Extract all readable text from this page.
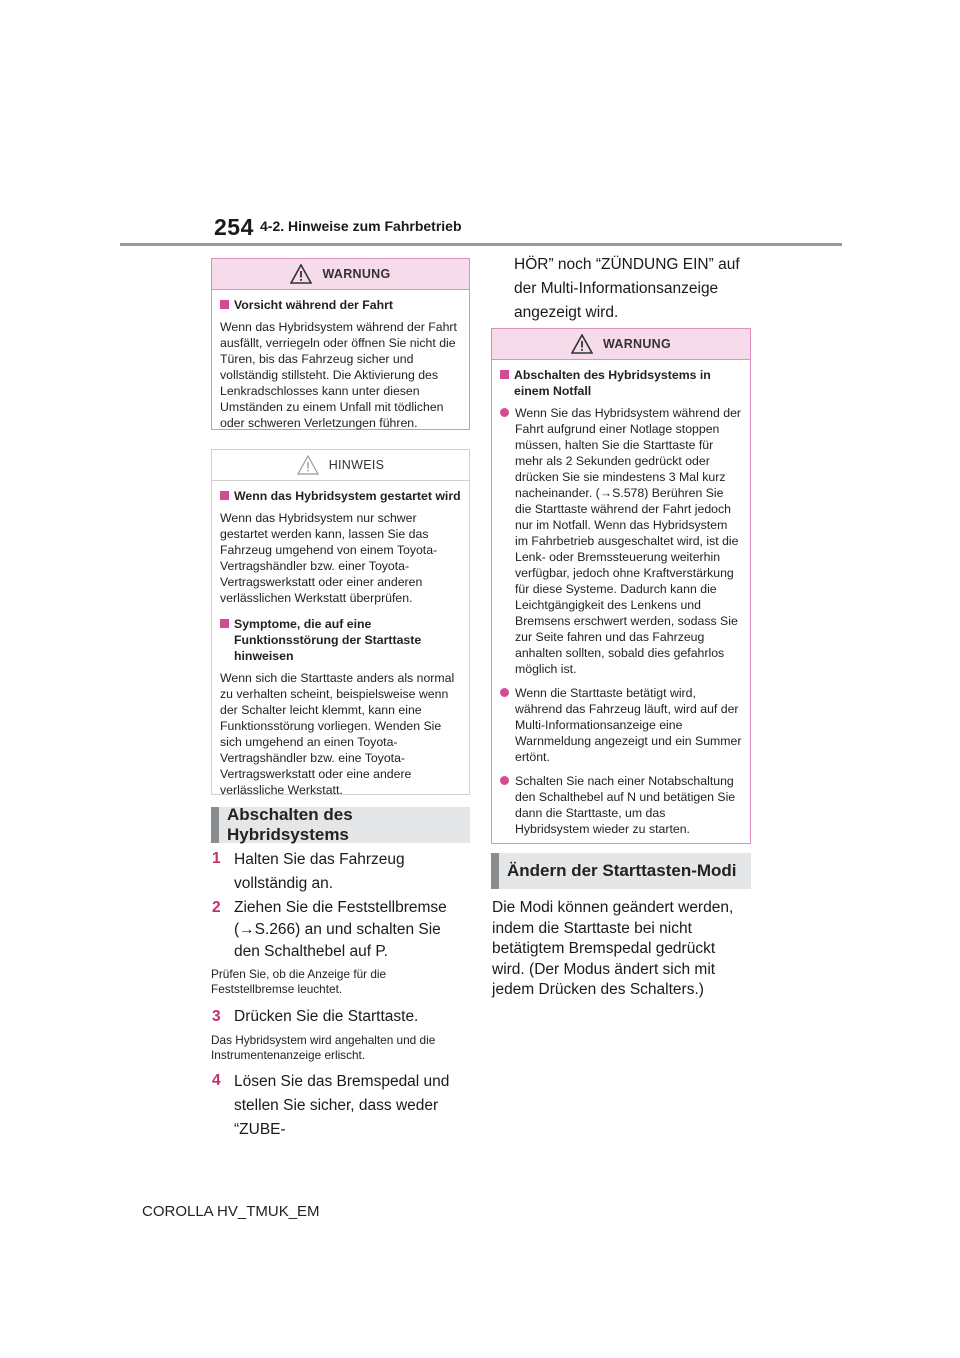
254 4-2. Hinweise zum Fahrbetrieb
WARNUNG
Vorsicht während der Fahrt
Wenn das Hybridsystem während der Fahrt ausfällt, verriegeln oder öffnen Sie nicht die Türen, bis das Fahrzeug sicher und vollständig stillsteht. Die Aktivierung des Lenkradschlosses kann unter diesen Umständen zu einem Unfall mit tödlichen oder schweren Verletzungen führen.
HINWEIS
Wenn das Hybridsystem gestartet wird
Wenn das Hybridsystem nur schwer gestartet werden kann, lassen Sie das Fahrzeug umgehend von einem Toyota-Vertragshändler bzw. einer Toyota-Vertragswerkstatt oder einer anderen verlässlichen Werkstatt überprüfen.
Symptome, die auf eine Funktionsstörung der Starttaste hinweisen
Wenn sich die Starttaste anders als normal zu verhalten scheint, beispielsweise wenn der Schalter leicht klemmt, kann eine Funktionsstörung vorliegen. Wenden Sie sich umgehend an einen Toyota-Vertragshändler bzw. eine Toyota-Vertragswerkstatt oder eine andere verlässliche Werkstatt.
Abschalten des Hybridsystems
1 Halten Sie das Fahrzeug vollständig an.
2 Ziehen Sie die Feststellbremse (→S.266) an und schalten Sie den Schalthebel auf P.
Prüfen Sie, ob die Anzeige für die Feststellbremse leuchtet.
3 Drücken Sie die Starttaste.
Das Hybridsystem wird angehalten und die Instrumentenanzeige erlischt.
4 Lösen Sie das Bremspedal und stellen Sie sicher, dass weder “ZUBE-
HÖR” noch “ZÜNDUNG EIN” auf der Multi-Informationsanzeige angezeigt wird.
WARNUNG
Abschalten des Hybridsystems in einem Notfall
Wenn Sie das Hybridsystem während der Fahrt aufgrund einer Notlage stoppen müssen, halten Sie die Starttaste für mehr als 2 Sekunden gedrückt oder drücken Sie sie mindestens 3 Mal kurz nacheinander. (→S.578) Berühren Sie die Starttaste während der Fahrt jedoch nur im Notfall. Wenn das Hybridsystem im Fahrbetrieb ausgeschaltet wird, ist die Lenk- oder Bremssteuerung weiterhin verfügbar, jedoch ohne Kraftverstärkung für diese Systeme. Dadurch kann die Leichtgängigkeit des Lenkens und Bremsens erschwert werden, sodass Sie zur Seite fahren und das Fahrzeug anhalten sollten, sobald dies gefahrlos möglich ist.
Wenn die Starttaste betätigt wird, während das Fahrzeug läuft, wird auf der Multi-Informationsanzeige eine Warnmeldung angezeigt und ein Summer ertönt.
Schalten Sie nach einer Notabschaltung den Schalthebel auf N und betätigen Sie dann die Starttaste, um das Hybridsystem wieder zu starten.
Ändern der Starttasten-Modi
Die Modi können geändert werden, indem die Starttaste bei nicht betätigtem Bremspedal gedrückt wird. (Der Modus ändert sich mit jedem Drücken des Schalters.)
COROLLA HV_TMUK_EM
